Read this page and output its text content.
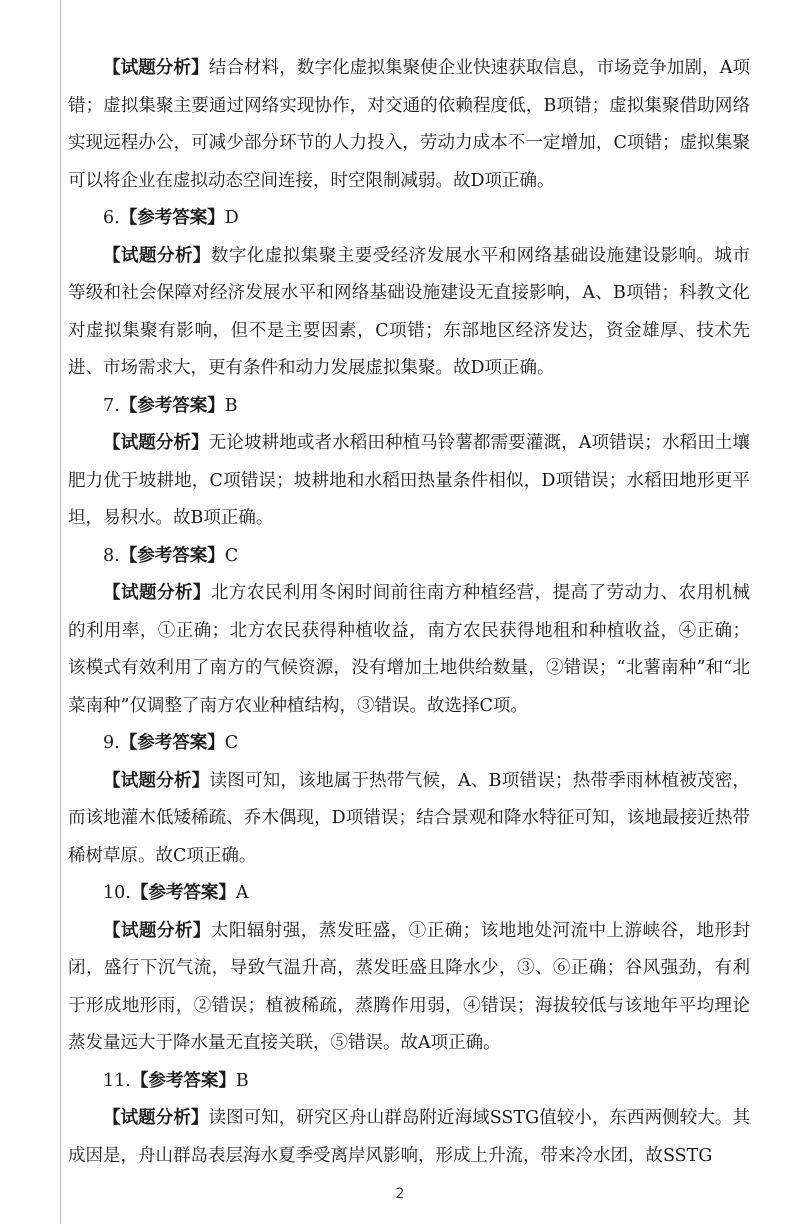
【试题分析】结合材料，数字化虚拟集聚使企业快速获取信息，市场竞争加剧，A项错；虚拟集聚主要通过网络实现协作，对交通的依赖程度低，B项错；虚拟集聚借助网络实现远程办公，可减少部分环节的人力投入，劳动力成本不一定增加，C项错；虚拟集聚可以将企业在虚拟动态空间连接，时空限制减弱。故D项正确。

6.【参考答案】D

【试题分析】数字化虚拟集聚主要受经济发展水平和网络基础设施建设影响。城市等级和社会保障对经济发展水平和网络基础设施建设无直接影响，A、B项错；科教文化对虚拟集聚有影响，但不是主要因素，C项错；东部地区经济发达，资金雄厚、技术先进、市场需求大，更有条件和动力发展虚拟集聚。故D项正确。

7.【参考答案】B

【试题分析】无论坡耕地或者水稻田种植马铃薯都需要灌溉，A项错误；水稻田土壤肥力优于坡耕地，C项错误；坡耕地和水稻田热量条件相似，D项错误；水稻田地形更平坦，易积水。故B项正确。

8.【参考答案】C

【试题分析】北方农民利用冬闲时间前往南方种植经营，提高了劳动力、农用机械的利用率，①正确；北方农民获得种植收益，南方农民获得地租和种植收益，④正确；该模式有效利用了南方的气候资源，没有增加土地供给数量，②错误；“北薯南种”和“北菜南种”仅调整了南方农业种植结构，③错误。故选择C项。

9.【参考答案】C

【试题分析】读图可知，该地属于热带气候，A、B项错误；热带季雨林植被茂密，而该地灌木低矮稀疏、乔木偶现，D项错误；结合景观和降水特征可知，该地最接近热带稀树草原。故C项正确。

10.【参考答案】A

【试题分析】太阳辐射强，蒸发旺盛，①正确；该地地处河流中上游峡谷，地形封闭，盛行下沉气流，导致气温升高，蒸发旺盛且降水少，③、⑥正确；谷风强劲，有利于形成地形雨，②错误；植被稀疏，蒸腾作用弱，④错误；海拔较低与该地年平均理论蒸发量远大于降水量无直接关联，⑤错误。故A项正确。

11.【参考答案】B

【试题分析】读图可知，研究区舟山群岛附近海域SSTG值较小，东西两侧较大。其成因是，舟山群岛表层海水夏季受离岸风影响，形成上升流，带来冷水团，故SSTG

2
